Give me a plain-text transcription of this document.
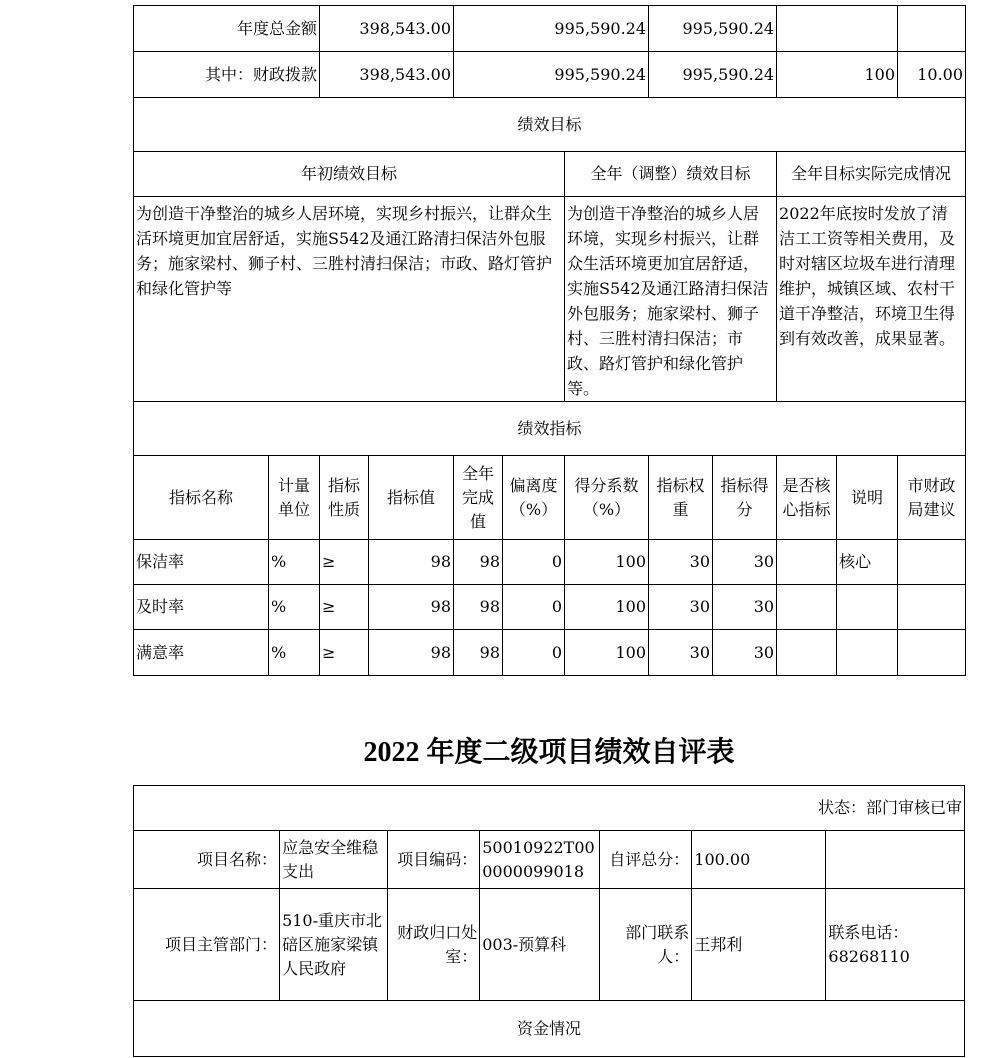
年度总金额		398,543.00		995,590.24			995,590.24				
其中：财政拨款		398,543.00		995,590.24			995,590.24		100		10.00
绩效目标											
年初绩效目标						全年（调整）绩效目标			全年目标实际完成情况		
为创造干净整治的城乡人居环境，实现乡村振兴，让群众生活环境更加宜居舒适，实施S542及通江路清扫保洁外包服务；施家梁村、狮子村、三胜村清扫保洁；市政、路灯管护和绿化管护等						为创造干净整治的城乡人居环境，实现乡村振兴，让群众生活环境更加宜居舒适，实施S542及通江路清扫保洁外包服务；施家梁村、狮子村、三胜村清扫保洁；市政、路灯管护和绿化管护等。			2022年底按时发放了清洁工工资等相关费用，及时对辖区垃圾车进行清理维护，城镇区域、农村干道干净整洁，环境卫生得到有效改善，成果显著。		
绩效指标											
指标名称	计量单位	指标性质	指标值	全年完成值	偏离度（%）	得分系数（%）	指标权重	指标得分	是否核心指标	说明	市财政局建议
保洁率	%	≥	98	98	0	100	30	30		核心	
及时率	%	≥	98	98	0	100	30	30			
满意率	%	≥	98	98	0	100	30	30			
2022 年度二级项目绩效自评表
状态：部门审核已审						
项目名称：	应急安全维稳支出	项目编码：	50010922T000000099018	自评总分：	100.00	
项目主管部门：	510-重庆市北碚区施家梁镇人民政府	财政归口处室：	003-预算科	部门联系人：	王邦利	联系电话：68268110
资金情况						
